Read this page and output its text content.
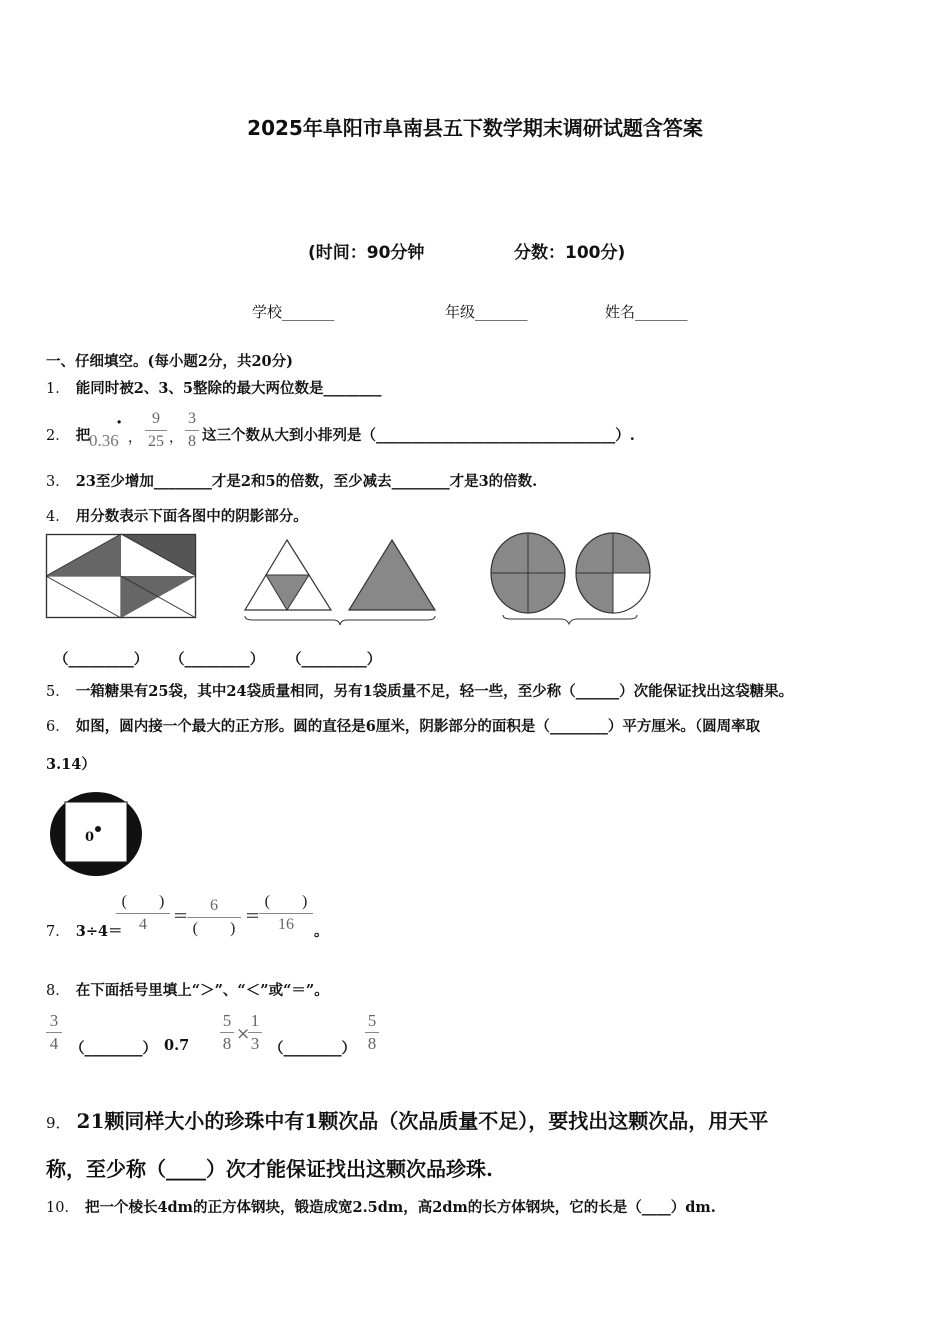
2025年阜阳市阜南县五下数学期末调研试题含答案
(时间：90分钟	分数：100分)
学校_______	年级_______	姓名_______
一、仔细填空。(每小题2分，共20分)
1． 能同时被2、3、5整除的最大两位数是________
2． 把
0.36
·
，
9
25 ，
3
8 这三个数从大到小排列是（_________________________________）.
3． 23至少增加________才是2和5的倍数，至少减去________才是3的倍数.
4． 用分数表示下面各图中的阴影部分。
（_________） （_________） （_________）
5． 一箱糖果有25袋，其中24袋质量相同，另有1袋质量不足，轻一些，至少称（______）次能保证找出这袋糖果。
6． 如图，圆内接一个最大的正方形。圆的直径是6厘米，阴影部分的面积是（________）平方厘米。（圆周率取
3.14）
0
7． 3÷4＝
(　　)
4	=	6
(　　)
=
(　　)
16	。
8． 在下面括号里填上“＞”、“＜”或“＝”。
3
4 （________） 0.7
5
8 ×
1
3 （________）
5
8
9． 21颗同样大小的珍珠中有1颗次品（次品质量不足），要找出这颗次品，用天平
称，至少称（____）次才能保证找出这颗次品珍珠.
10． 把一个棱长4dm的正方体钢块，锻造成宽2.5dm，高2dm的长方体钢块，它的长是（____）dm.
